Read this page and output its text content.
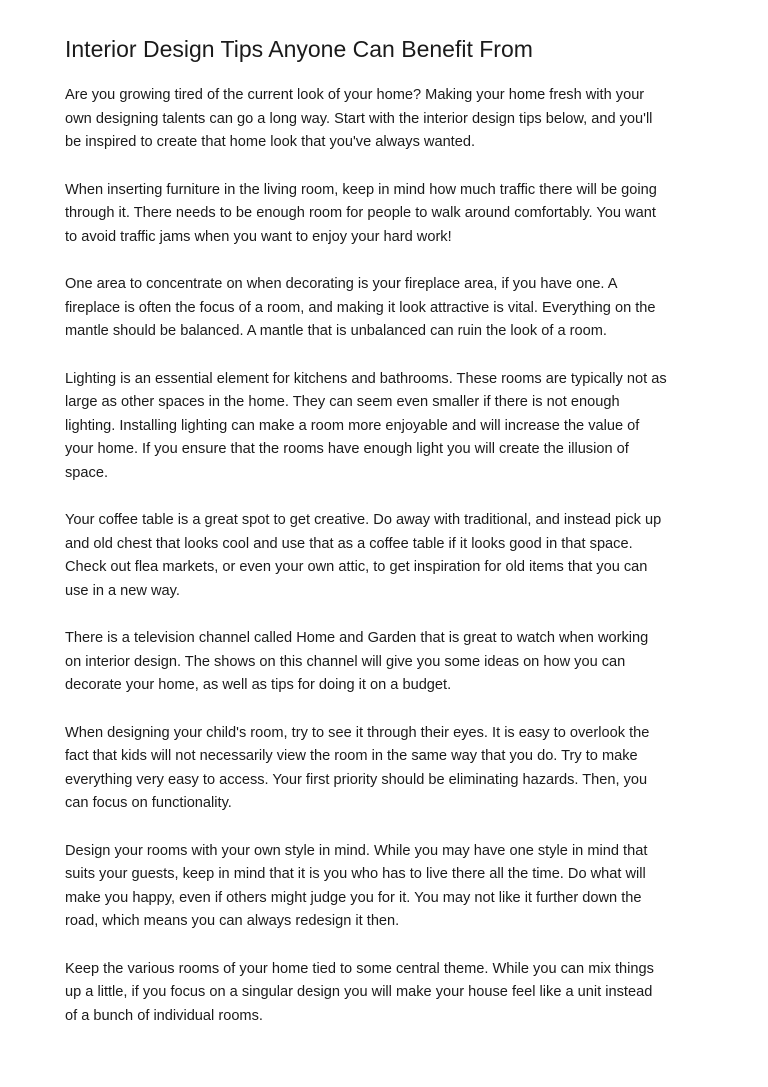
Interior Design Tips Anyone Can Benefit From

Are you growing tired of the current look of your home? Making your home fresh with your
own designing talents can go a long way. Start with the interior design tips below, and you'll
be inspired to create that home look that you've always wanted.

When inserting furniture in the living room, keep in mind how much traffic there will be going
through it. There needs to be enough room for people to walk around comfortably. You want
to avoid traffic jams when you want to enjoy your hard work!

One area to concentrate on when decorating is your fireplace area, if you have one. A
fireplace is often the focus of a room, and making it look attractive is vital. Everything on the
mantle should be balanced. A mantle that is unbalanced can ruin the look of a room.

Lighting is an essential element for kitchens and bathrooms. These rooms are typically not as
large as other spaces in the home. They can seem even smaller if there is not enough
lighting. Installing lighting can make a room more enjoyable and will increase the value of
your home. If you ensure that the rooms have enough light you will create the illusion of
space.

Your coffee table is a great spot to get creative. Do away with traditional, and instead pick up
and old chest that looks cool and use that as a coffee table if it looks good in that space.
Check out flea markets, or even your own attic, to get inspiration for old items that you can
use in a new way.

There is a television channel called Home and Garden that is great to watch when working
on interior design. The shows on this channel will give you some ideas on how you can
decorate your home, as well as tips for doing it on a budget.

When designing your child's room, try to see it through their eyes. It is easy to overlook the
fact that kids will not necessarily view the room in the same way that you do. Try to make
everything very easy to access. Your first priority should be eliminating hazards. Then, you
can focus on functionality.

Design your rooms with your own style in mind. While you may have one style in mind that
suits your guests, keep in mind that it is you who has to live there all the time. Do what will
make you happy, even if others might judge you for it. You may not like it further down the
road, which means you can always redesign it then.

Keep the various rooms of your home tied to some central theme. While you can mix things
up a little, if you focus on a singular design you will make your house feel like a unit instead
of a bunch of individual rooms.
